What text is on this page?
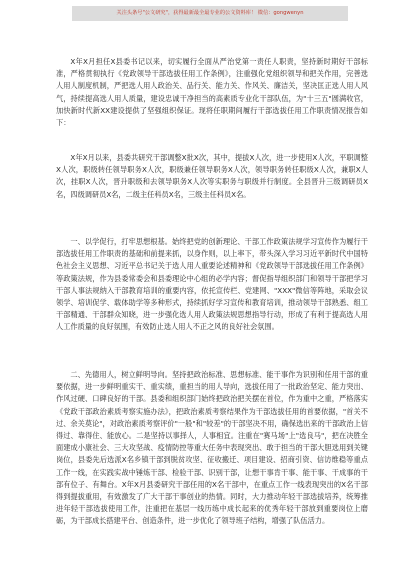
关注头条号"公文研究"，获得最新最全最专业的公文资料库！ 微信：gongwenyn

X年X月担任X县委书记以来，切实履行全面从严治党第一责任人职责，坚持新时期好干部标准，严格贯彻执行《党政领导干部选拔任用工作条例》，注重强化党组织领导和把关作用，完善选人用人制度机制，严把选人用人政治关、品行关、能力关、作风关、廉洁关，坚决匡正选人用人风气，持续提高选人用人质量，建设忠诚干净担当的高素质专业化干部队伍，为"十三五"圆满收官，加快新时代新XX建设提供了坚强组织保证。现将任职期间履行干部选拔任用工作职责情况报告如下：

X年X月以来，县委共研究干部调整X批X次，其中，提拔X人次，进一步使用X人次，平职调整X人次，职级转任领导职务X人次，职级兼任领导职务X人次，领导职务转任职级X人次，兼职X人次，挂职X人次，晋升职级和去领导职务X人次等实职务与职级并行制度。全县晋升三级调研员X名，四级调研员X名，二级主任科员X名，三级主任科员X名。

一、以学促行，打牢思想根基。始终把党的创新理论、干部工作政策法规学习宣传作为履行干部选拔任用工作职责的基础和前提来抓，以身作则，以上率下，带头深入学习习近平新时代中国特色社会主义思想、习近平总书记关于选人用人重要论述精神和《党政领导干部选拔任用工作条例》等政策法规，作为县委常委会和县委理论中心组的必学内容；督促指导组织部门和领导干部把学习干部人事法规纳入干部教育培训的重要内容，依托宣传栏、党建网、"XXX"微信等阵地，采取会议领学、培训促学、载体助学等多种形式，持续抓好学习宣传和教育培训，推动领导干部熟悉、组工干部精通、干部群众知晓，进一步强化选人用人政策法规思想指导行动，形成了有利于提高选人用人工作质量的良好氛围，有效防止选人用人不正之风的良好社会氛围。

二、先德用人，树立鲜明导向。坚持把政治标准、思想标准、能干事作为识别和任用干部的重要依据，进一步鲜明重实干、重实绩，重担当的用人导向，选拔任用了一批政治坚定、能力突出、作风过硬、口碑良好的干部。县委和组织部门始终把政治把关摆在首位，作为重中之重，严格落实《党政干部政治素质考察实施办法》，把政治素质考察结果作为干部选拔任用的首要依据，"首关不过、余关莫论"，对政治素质考察评价"一般"和"较差"的干部坚决不用，确保选出来的干部政治上信得过、靠得住、能放心。二是坚持以事择人，人事相宜。注重在"赛马场"上"选良马"，把在决胜全面建成小康社会、三大攻坚战、疫情防控等重大任务中表现突出、敢于担当的干部大胆选用到关键岗位，县委先后选派X名乡镇干部到脱贫攻坚、征收搬迁、项目建设、招商引资、信访维稳等重点工作一线，在实践实战中锤炼干部、检验干部、识别干部，让想干事肯干事、能干事、干成事的干部有位子、有舞台。X年X月县委研究干部任用的X名干部中，在重点工作一线表现突出的X名干部得到提拔重用，有效激发了广大干部干事创业的热情。同时，大力推动年轻干部选拔培养，统筹推进年轻干部选拔使用工作，注重把在基层一线历练中成长起来的优秀年轻干部放到重要岗位上磨砺，为干部成长搭建平台、创造条件，进一步优化了领导班子结构，增强了队伍活力。
